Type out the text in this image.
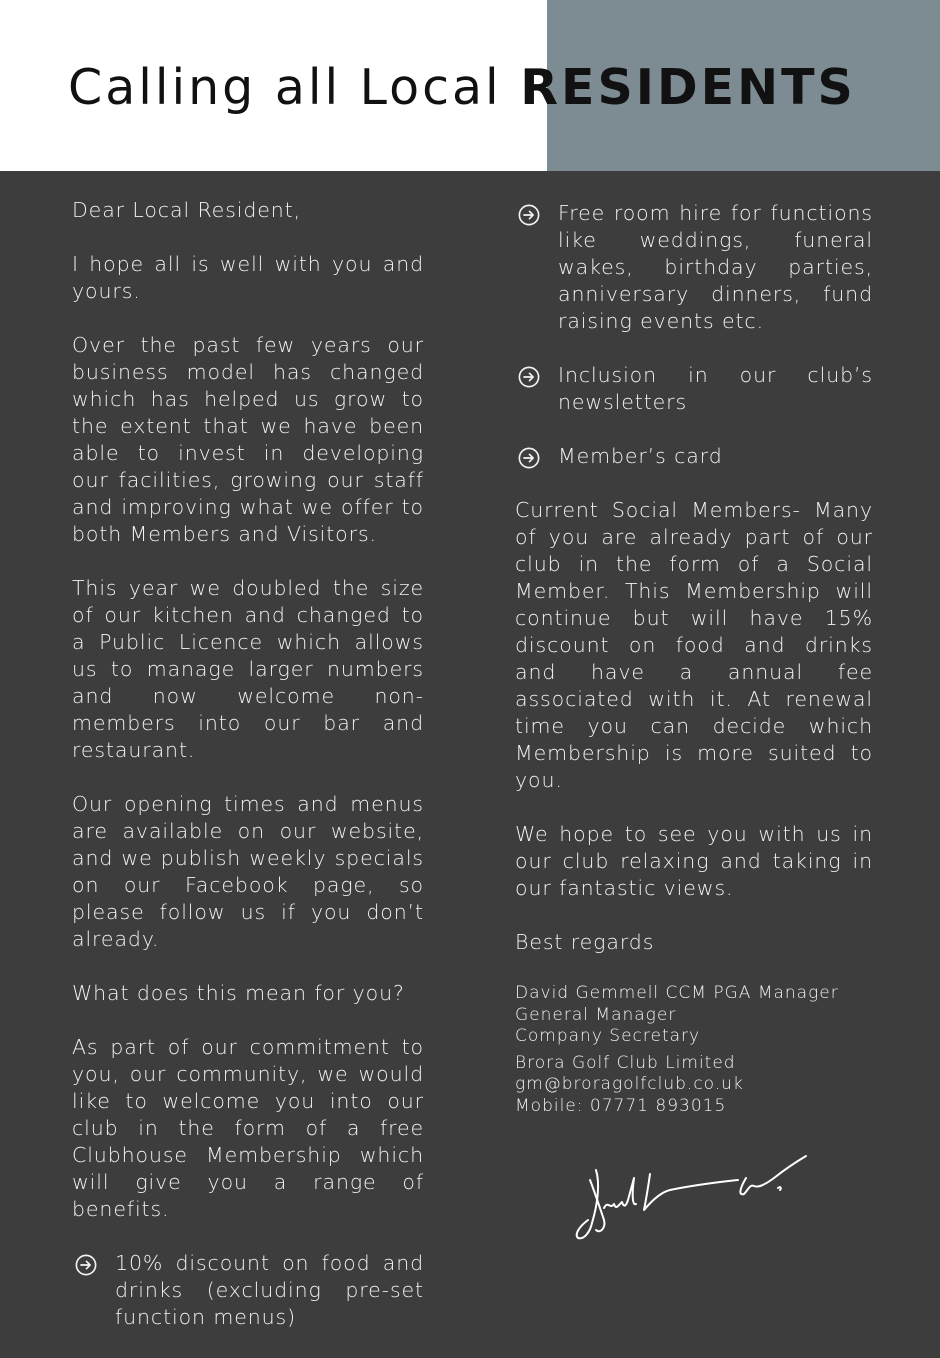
Calling all Local RESIDENTS

Dear Local Resident,

I hope all is well with you and yours.

Over the past few years our business model has changed which has helped us grow to the extent that we have been able to invest in developing our facilities, growing our staff and improving what we offer to both Members and Visitors.

This year we doubled the size of our kitchen and changed to a Public Licence which allows us to manage larger numbers and now welcome non-members into our bar and restaurant.

Our opening times and menus are available on our website, and we publish weekly specials on our Facebook page, so please follow us if you don’t already.

What does this mean for you?

As part of our commitment to you, our community, we would like to welcome you into our club in the form of a free Clubhouse Membership which will give you a range of benefits.

10% discount on food and drinks (excluding pre-set function menus)
Free room hire for functions like weddings, funeral wakes, birthday parties, anniversary dinners, fund raising events etc.
Inclusion in our club’s newsletters
Member’s card

Current Social Members- Many of you are already part of our club in the form of a Social Member. This Membership will continue but will have 15% discount on food and drinks and have a annual fee associated with it. At renewal time you can decide which Membership is more suited to you.

We hope to see you with us in our club relaxing and taking in our fantastic views.

Best regards

David Gemmell CCM PGA Manager
General Manager
Company Secretary
Brora Golf Club Limited
gm@broragolfclub.co.uk
Mobile: 07771 893015
